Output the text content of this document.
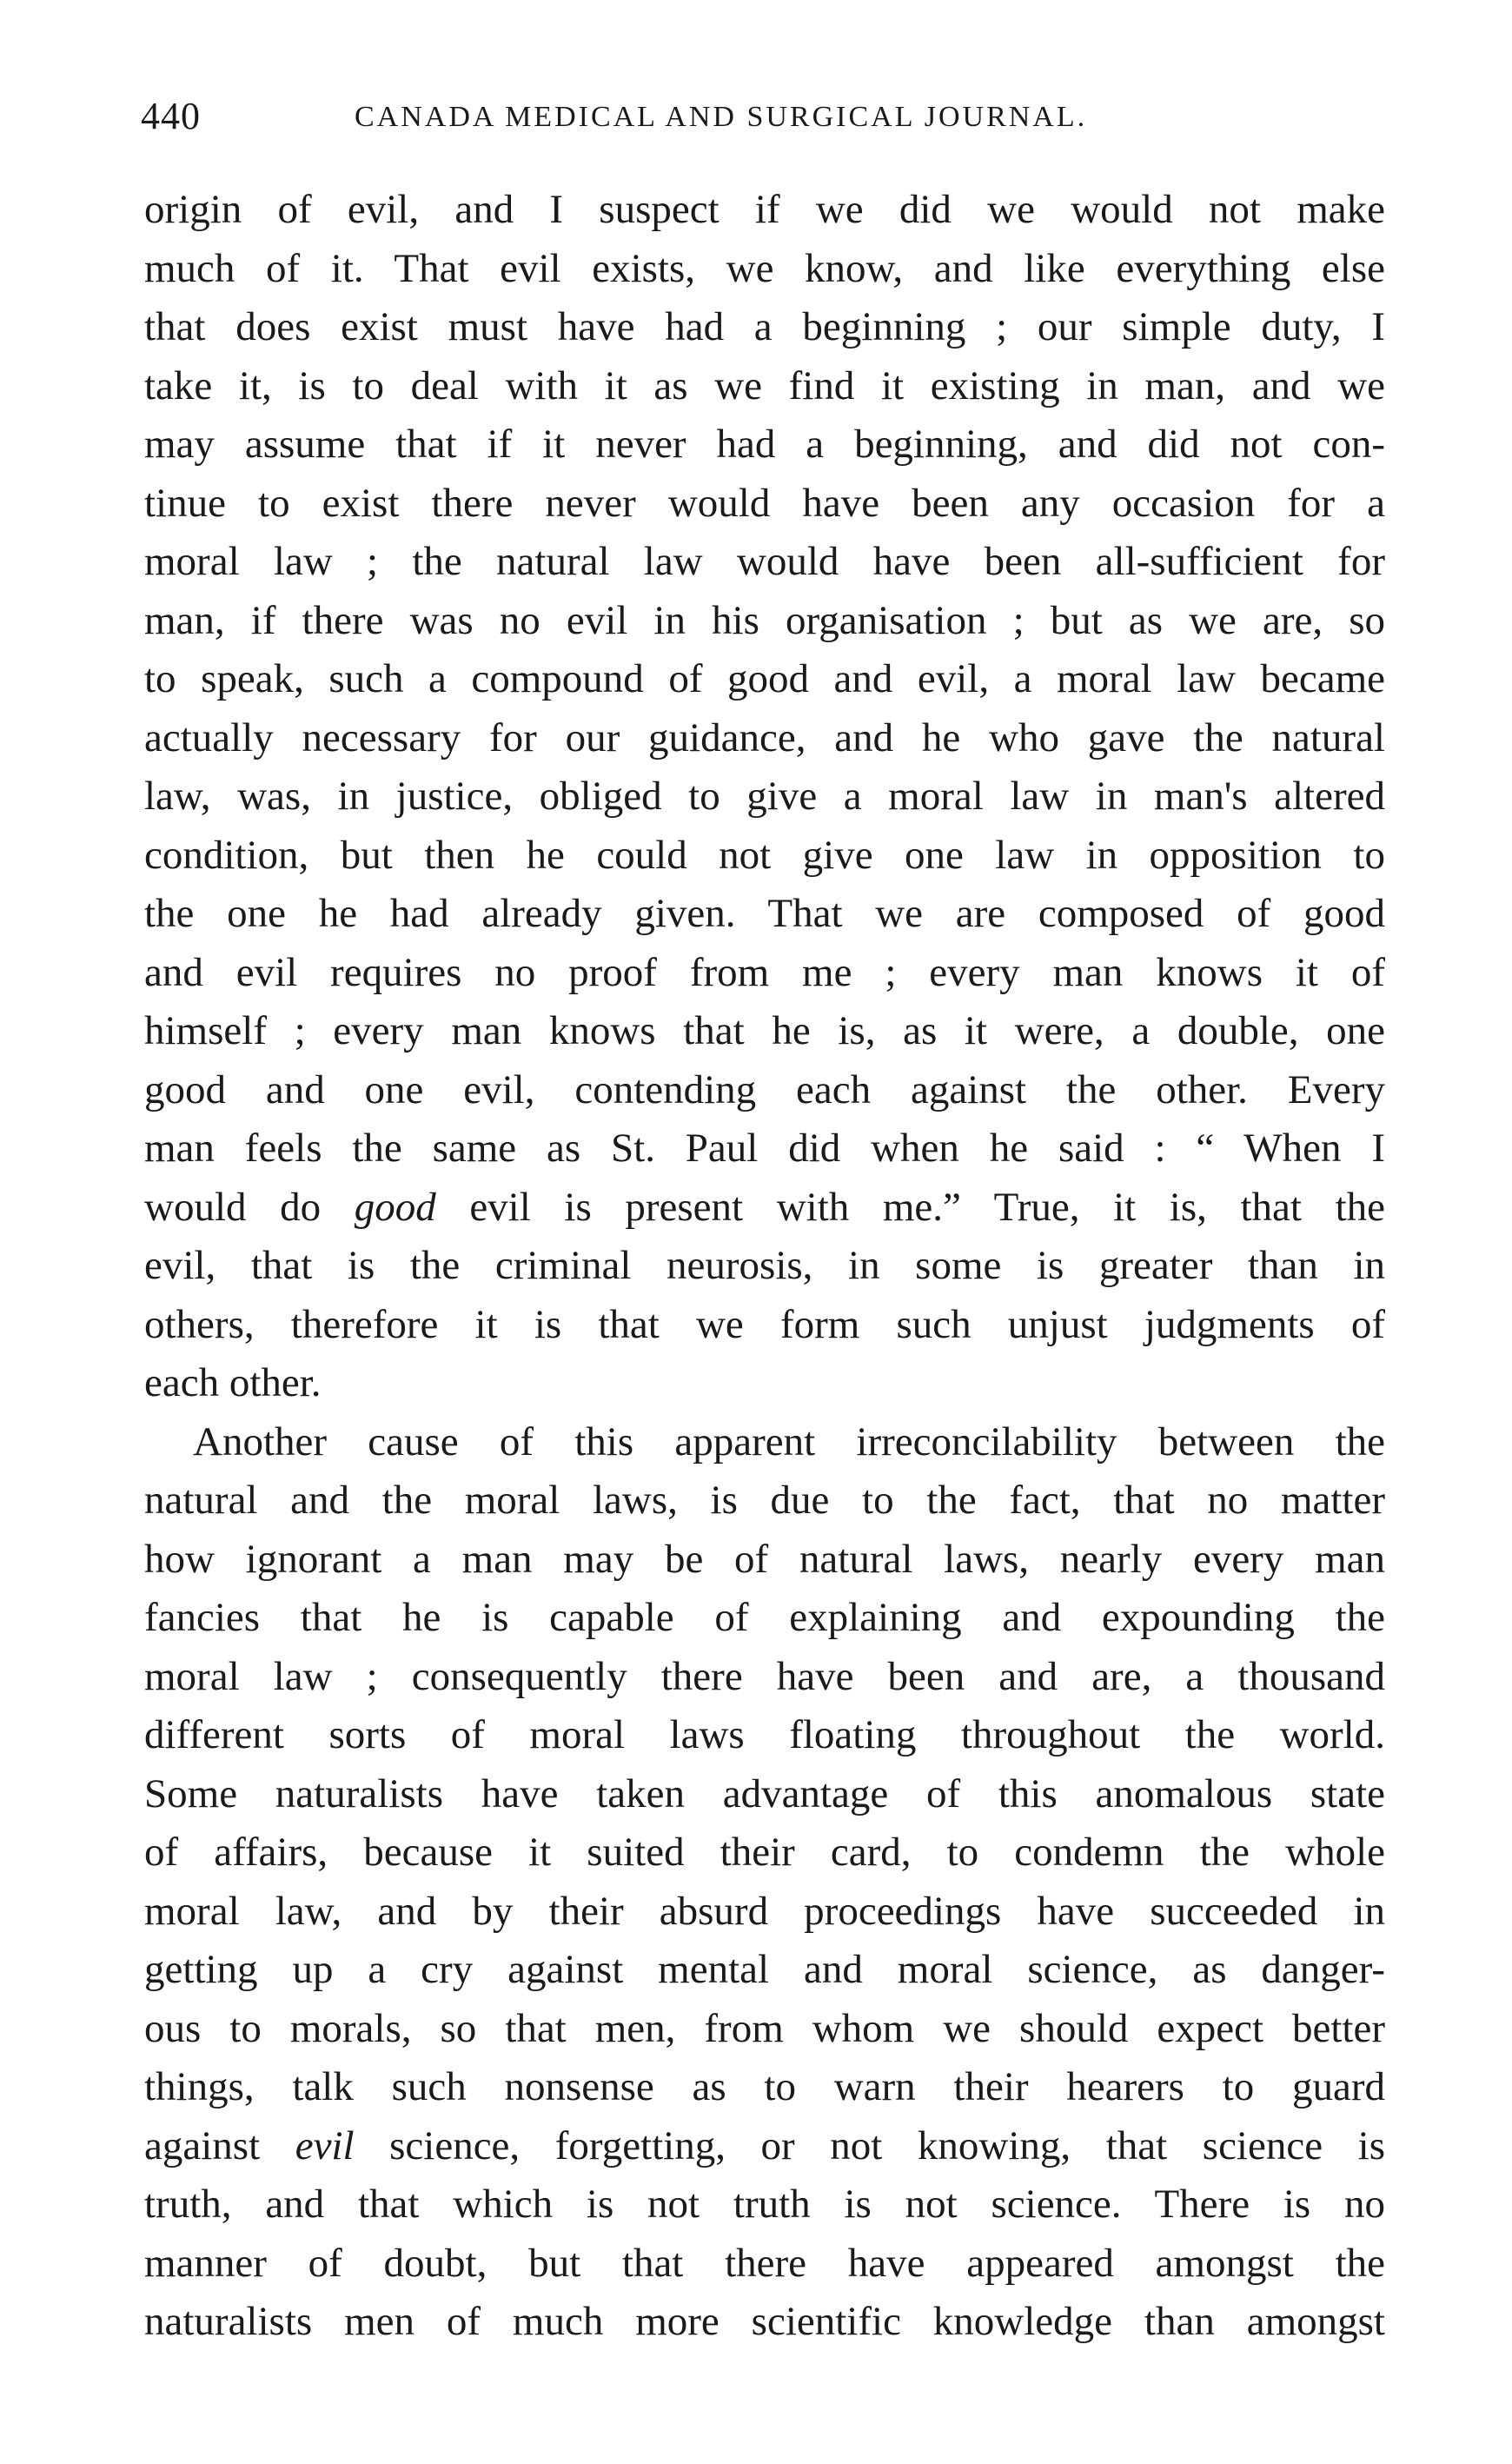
440	CANADA MEDICAL AND SURGICAL JOURNAL.
origin of evil, and I suspect if we did we would not make
much of it. That evil exists, we know, and like everything else
that does exist must have had a beginning ; our simple duty, I
take it, is to deal with it as we find it existing in man, and we
may assume that if it never had a beginning, and did not con-
tinue to exist there never would have been any occasion for a
moral law ; the natural law would have been all-sufficient for
man, if there was no evil in his organisation ; but as we are, so
to speak, such a compound of good and evil, a moral law became
actually necessary for our guidance, and he who gave the natural
law, was, in justice, obliged to give a moral law in man's altered
condition, but then he could not give one law in opposition to
the one he had already given. That we are composed of good
and evil requires no proof from me ; every man knows it of
himself ; every man knows that he is, as it were, a double, one
good and one evil, contending each against the other. Every
man feels the same as St. Paul did when he said : “ When I
would do good evil is present with me.” True, it is, that the
evil, that is the criminal neurosis, in some is greater than in
others, therefore it is that we form such unjust judgments of
each other.
Another cause of this apparent irreconcilability between the
natural and the moral laws, is due to the fact, that no matter
how ignorant a man may be of natural laws, nearly every man
fancies that he is capable of explaining and expounding the
moral law ; consequently there have been and are, a thousand
different sorts of moral laws floating throughout the world.
Some naturalists have taken advantage of this anomalous state
of affairs, because it suited their card, to condemn the whole
moral law, and by their absurd proceedings have succeeded in
getting up a cry against mental and moral science, as danger-
ous to morals, so that men, from whom we should expect better
things, talk such nonsense as to warn their hearers to guard
against evil science, forgetting, or not knowing, that science is
truth, and that which is not truth is not science. There is no
manner of doubt, but that there have appeared amongst the
naturalists men of much more scientific knowledge than amongst
